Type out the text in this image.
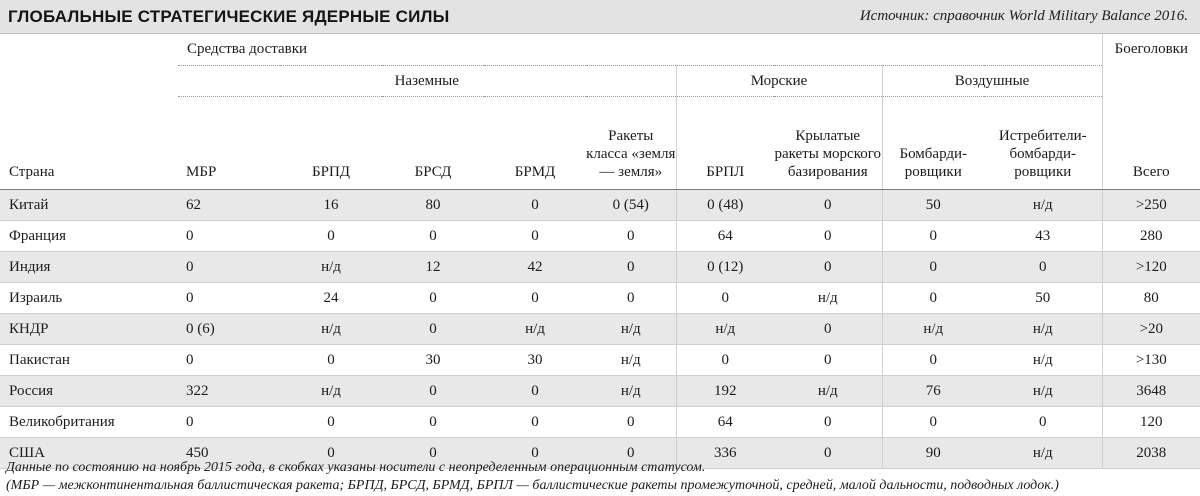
ГЛОБАЛЬНЫЕ СТРАТЕГИЧЕСКИЕ ЯДЕРНЫЕ СИЛЫ	Источник: справочник World Military Balance 2016.
	Средства доставки									Боеголовки
	Наземные					Морские		Воздушные		
Страна	МБР	БРПД	БРСД	БРМД	Ракеты класса «земля— земля»	БРПЛ	Крылатые ракеты морского базирования	Бомбарди-ровщики	Истребители-бомбарди-ровщики	Всего
Китай	62	16	80	0	0 (54)	0 (48)	0	50	н/д	>250
Франция	0	0	0	0	0	64	0	0	43	280
Индия	0	н/д	12	42	0	0 (12)	0	0	0	>120
Израиль	0	24	0	0	0	0	н/д	0	50	80
КНДР	0 (6)	н/д	0	н/д	н/д	н/д	0	н/д	н/д	>20
Пакистан	0	0	30	30	н/д	0	0	0	н/д	>130
Россия	322	н/д	0	0	н/д	192	н/д	76	н/д	3648
Великобритания	0	0	0	0	0	64	0	0	0	120
США	450	0	0	0	0	336	0	90	н/д	2038
Данные по состоянию на ноябрь 2015 года, в скобках указаны носители с неопределенным операционным статусом.
(МБР — межконтинентальная баллистическая ракета; БРПД, БРСД, БРМД, БРПЛ — баллистические ракеты промежуточной, средней, малой дальности, подводных лодок.)
